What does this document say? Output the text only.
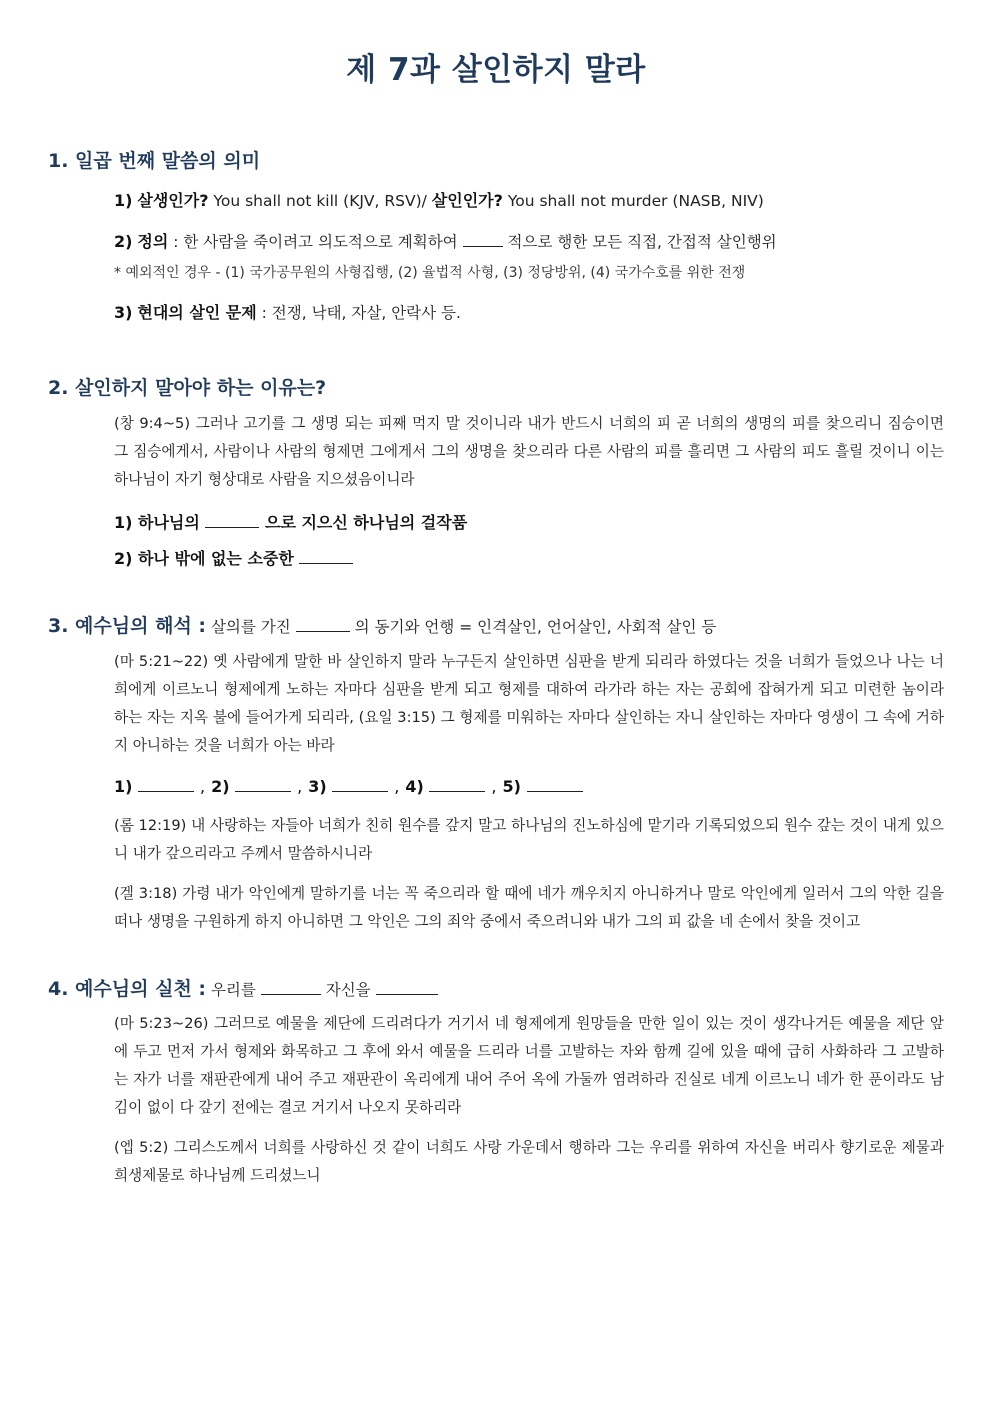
제 7과 살인하지 말라
1. 일곱 번째 말씀의 의미
1) 살생인가? You shall not kill (KJV, RSV)/ 살인인가? You shall not murder (NASB, NIV)
2) 정의 : 한 사람을 죽이려고 의도적으로 계획하여	적으로 행한 모든 직접, 간접적 살인행위
* 예외적인 경우 - (1) 국가공무원의 사형집행, (2) 율법적 사형, (3) 정당방위, (4) 국가수호를 위한 전쟁
3) 현대의 살인 문제 : 전쟁, 낙태, 자살, 안락사 등.
2. 살인하지 말아야 하는 이유는?
(창 9:4~5) 그러나 고기를 그 생명 되는 피째 먹지 말 것이니라 내가 반드시 너희의 피 곧 너희의 생명의 피를 찾으리니 짐승이면 그 짐승에게서, 사람이나 사람의 형제면 그에게서 그의 생명을 찾으리라 다른 사람의 피를 흘리면 그 사람의 피도 흘릴 것이니 이는 하나님이 자기 형상대로 사람을 지으셨음이니라
1) 하나님의	으로 지으신 하나님의 걸작품
2) 하나 밖에 없는 소중한
3. 예수님의 해석 : 살의를 가진	의 동기와 언행 = 인격살인, 언어살인, 사회적 살인 등
(마 5:21~22) 옛 사람에게 말한 바 살인하지 말라 누구든지 살인하면 심판을 받게 되리라 하였다는 것을 너희가 들었으나 나는 너희에게 이르노니 형제에게 노하는 자마다 심판을 받게 되고 형제를 대하여 라가라 하는 자는 공회에 잡혀가게 되고 미련한 놈이라 하는 자는 지옥 불에 들어가게 되리라, (요일 3:15) 그 형제를 미워하는 자마다 살인하는 자니 살인하는 자마다 영생이 그 속에 거하지 아니하는 것을 너희가 아는 바라
1)	, 2)	, 3)	, 4)	, 5)
(롬 12:19) 내 사랑하는 자들아 너희가 친히 원수를 갚지 말고 하나님의 진노하심에 맡기라 기록되었으되 원수 갚는 것이 내게 있으니 내가 갚으리라고 주께서 말씀하시니라
(겔 3:18) 가령 내가 악인에게 말하기를 너는 꼭 죽으리라 할 때에 네가 깨우치지 아니하거나 말로 악인에게 일러서 그의 악한 길을 떠나 생명을 구원하게 하지 아니하면 그 악인은 그의 죄악 중에서 죽으려니와 내가 그의 피 값을 네 손에서 찾을 것이고
4. 예수님의 실천 : 우리를	자신을
(마 5:23~26) 그러므로 예물을 제단에 드리려다가 거기서 네 형제에게 원망들을 만한 일이 있는 것이 생각나거든 예물을 제단 앞에 두고 먼저 가서 형제와 화목하고 그 후에 와서 예물을 드리라 너를 고발하는 자와 함께 길에 있을 때에 급히 사화하라 그 고발하는 자가 너를 재판관에게 내어 주고 재판관이 옥리에게 내어 주어 옥에 가둘까 염려하라 진실로 네게 이르노니 네가 한 푼이라도 남김이 없이 다 갚기 전에는 결코 거기서 나오지 못하리라
(엡 5:2) 그리스도께서 너희를 사랑하신 것 같이 너희도 사랑 가운데서 행하라 그는 우리를 위하여 자신을 버리사 향기로운 제물과 희생제물로 하나님께 드리셨느니
